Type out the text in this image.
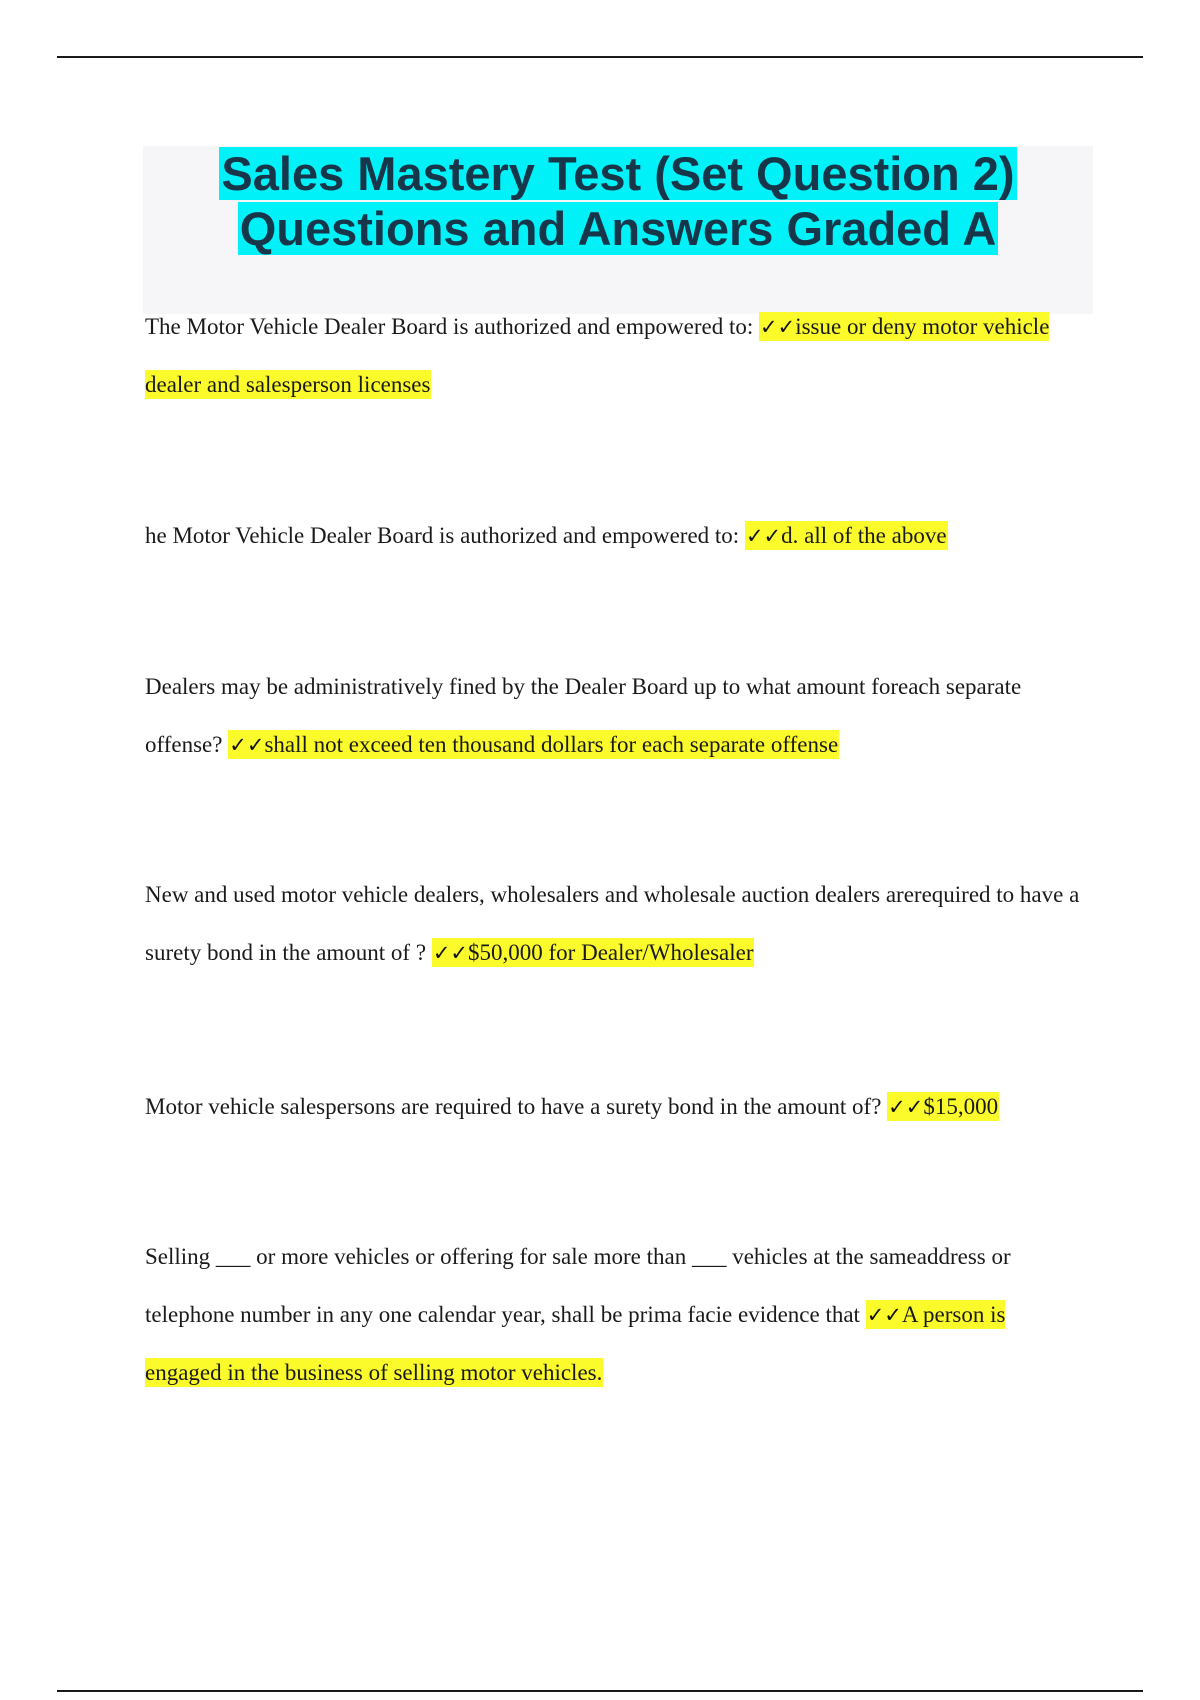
Sales Mastery Test (Set Question 2)
Questions and Answers Graded A

The Motor Vehicle Dealer Board is authorized and empowered to: ✓✓issue or deny motor vehicle dealer and salesperson licenses

he Motor Vehicle Dealer Board is authorized and empowered to: ✓✓d. all of the above

Dealers may be administratively fined by the Dealer Board up to what amount foreach separate offense? ✓✓shall not exceed ten thousand dollars for each separate offense

New and used motor vehicle dealers, wholesalers and wholesale auction dealers arerequired to have a surety bond in the amount of ? ✓✓$50,000 for Dealer/Wholesaler

Motor vehicle salespersons are required to have a surety bond in the amount of? ✓✓$15,000

Selling ___ or more vehicles or offering for sale more than ___ vehicles at the sameaddress or telephone number in any one calendar year, shall be prima facie evidence that ✓✓A person is engaged in the business of selling motor vehicles.
